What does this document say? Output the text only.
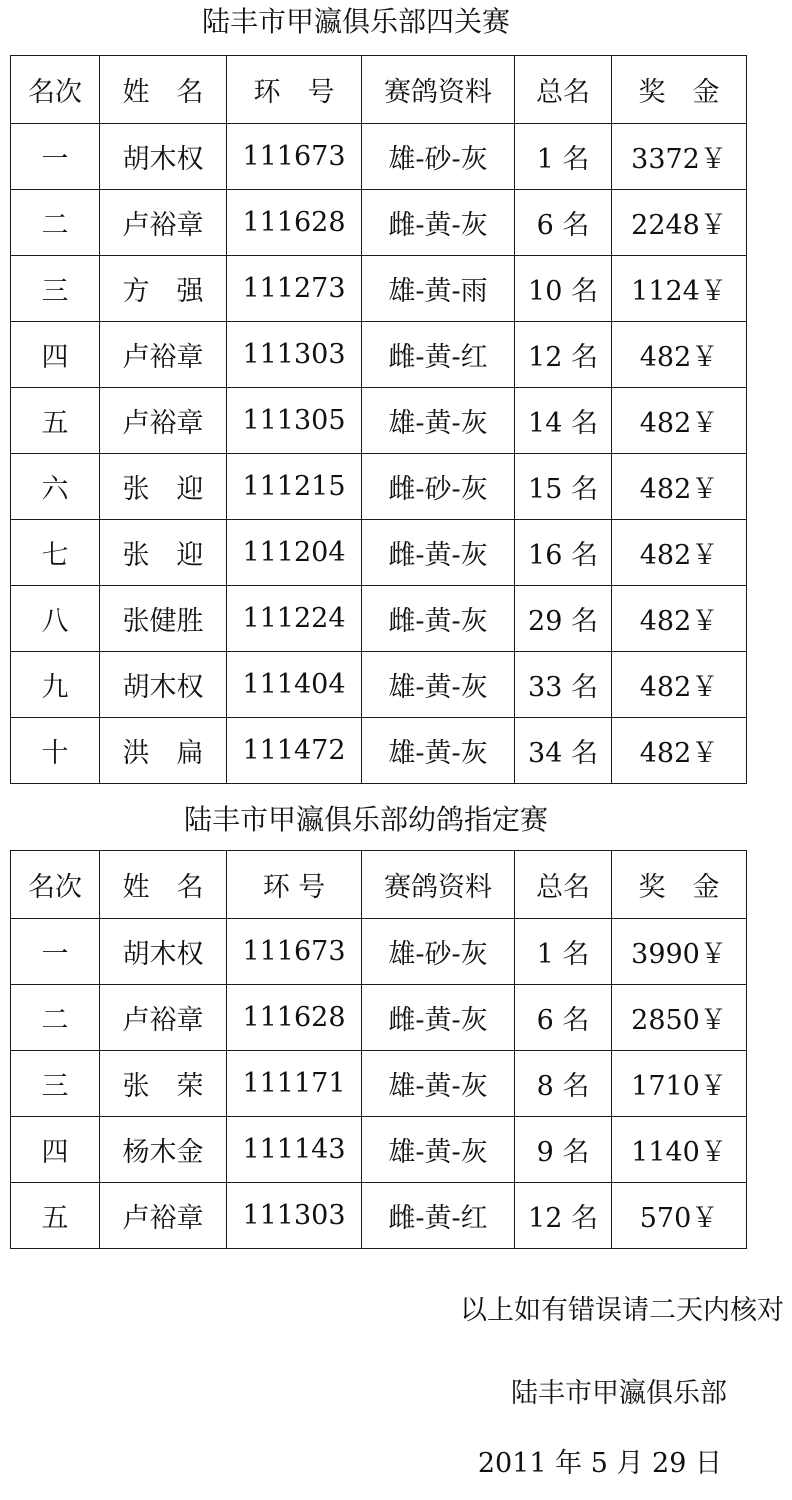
陆丰市甲瀛俱乐部四关赛
名次	姓　名	环　号	赛鸽资料	总名	奖　金
一	胡木权	111673	雄-砂-灰	1 名	3372￥
二	卢裕章	111628	雌-黄-灰	6 名	2248￥
三	方　强	111273	雄-黄-雨	10 名	1124￥
四	卢裕章	111303	雌-黄-红	12 名	482￥
五	卢裕章	111305	雄-黄-灰	14 名	482￥
六	张　迎	111215	雌-砂-灰	15 名	482￥
七	张　迎	111204	雌-黄-灰	16 名	482￥
八	张健胜	111224	雌-黄-灰	29 名	482￥
九	胡木权	111404	雄-黄-灰	33 名	482￥
十	洪　扁	111472	雄-黄-灰	34 名	482￥
陆丰市甲瀛俱乐部幼鸽指定赛
名次	姓　名	环 号	赛鸽资料	总名	奖　金
一	胡木权	111673	雄-砂-灰	1 名	3990￥
二	卢裕章	111628	雌-黄-灰	6 名	2850￥
三	张　荣	111171	雄-黄-灰	8 名	1710￥
四	杨木金	111143	雄-黄-灰	9 名	1140￥
五	卢裕章	111303	雌-黄-红	12 名	570￥
以上如有错误请二天内核对
陆丰市甲瀛俱乐部
2011 年 5 月 29 日
